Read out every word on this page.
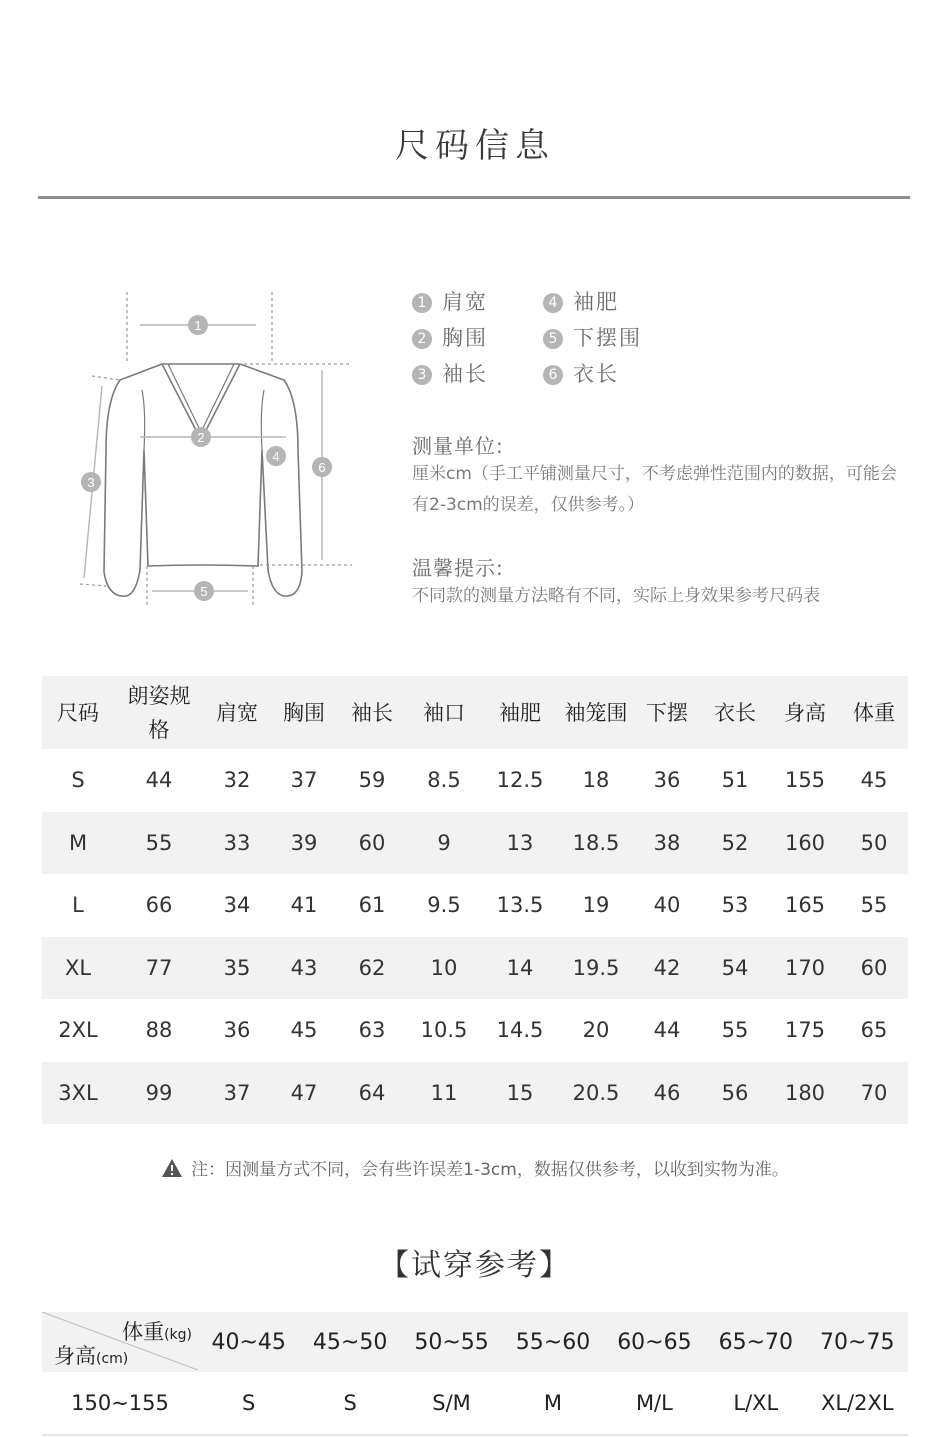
尺码信息
1
2
3
4
5
6
1 肩宽
2 胸围
3 袖长
4 袖肥
5 下摆围
6 衣长
测量单位:
厘米cm（手工平铺测量尺寸，不考虑弹性范围内的数据，可能会有2-3cm的误差，仅供参考。）
温馨提示:
不同款的测量方法略有不同，实际上身效果参考尺码表
尺码	朗姿规格	肩宽	胸围	袖长	袖口	袖肥	袖笼围	下摆	衣长	身高	体重
S	44	32	37	59	8.5	12.5	18	36	51	155	45
M	55	33	39	60	9	13	18.5	38	52	160	50
L	66	34	41	61	9.5	13.5	19	40	53	165	55
XL	77	35	43	62	10	14	19.5	42	54	170	60
2XL	88	36	45	63	10.5	14.5	20	44	55	175	65
3XL	99	37	47	64	11	15	20.5	46	56	180	70
注：因测量方式不同，会有些许误差1-3cm，数据仅供参考，以收到实物为准。
【试穿参考】
体重(kg)
身高(cm)	40~45	45~50	50~55	55~60	60~65	65~70	70~75
150~155	S	S	S/M	M	M/L	L/XL	XL/2XL
